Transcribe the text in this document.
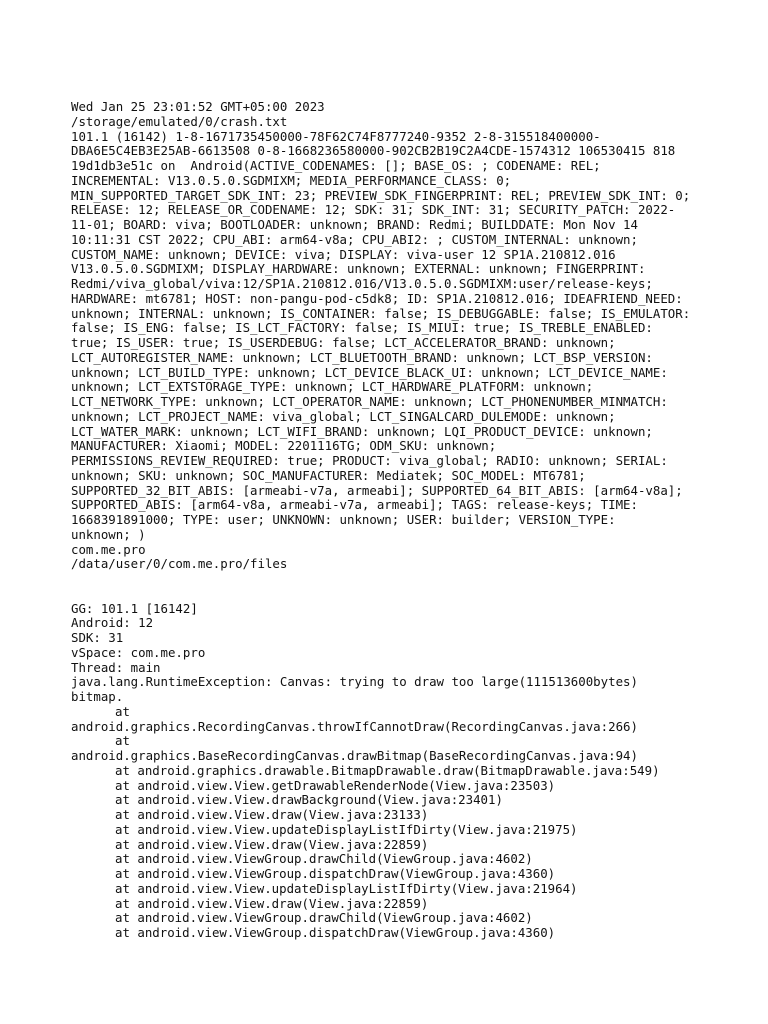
Wed Jan 25 23:01:52 GMT+05:00 2023
/storage/emulated/0/crash.txt
101.1 (16142) 1-8-1671735450000-78F62C74F8777240-9352 2-8-315518400000-
DBA6E5C4EB3E25AB-6613508 0-8-1668236580000-902CB2B19C2A4CDE-1574312 106530415 818
19d1db3e51c on  Android(ACTIVE_CODENAMES: []; BASE_OS: ; CODENAME: REL;
INCREMENTAL: V13.0.5.0.SGDMIXM; MEDIA_PERFORMANCE_CLASS: 0;
MIN_SUPPORTED_TARGET_SDK_INT: 23; PREVIEW_SDK_FINGERPRINT: REL; PREVIEW_SDK_INT: 0;
RELEASE: 12; RELEASE_OR_CODENAME: 12; SDK: 31; SDK_INT: 31; SECURITY_PATCH: 2022-
11-01; BOARD: viva; BOOTLOADER: unknown; BRAND: Redmi; BUILDDATE: Mon Nov 14
10:11:31 CST 2022; CPU_ABI: arm64-v8a; CPU_ABI2: ; CUSTOM_INTERNAL: unknown;
CUSTOM_NAME: unknown; DEVICE: viva; DISPLAY: viva-user 12 SP1A.210812.016
V13.0.5.0.SGDMIXM; DISPLAY_HARDWARE: unknown; EXTERNAL: unknown; FINGERPRINT:
Redmi/viva_global/viva:12/SP1A.210812.016/V13.0.5.0.SGDMIXM:user/release-keys;
HARDWARE: mt6781; HOST: non-pangu-pod-c5dk8; ID: SP1A.210812.016; IDEAFRIEND_NEED:
unknown; INTERNAL: unknown; IS_CONTAINER: false; IS_DEBUGGABLE: false; IS_EMULATOR:
false; IS_ENG: false; IS_LCT_FACTORY: false; IS_MIUI: true; IS_TREBLE_ENABLED:
true; IS_USER: true; IS_USERDEBUG: false; LCT_ACCELERATOR_BRAND: unknown;
LCT_AUTOREGISTER_NAME: unknown; LCT_BLUETOOTH_BRAND: unknown; LCT_BSP_VERSION:
unknown; LCT_BUILD_TYPE: unknown; LCT_DEVICE_BLACK_UI: unknown; LCT_DEVICE_NAME:
unknown; LCT_EXTSTORAGE_TYPE: unknown; LCT_HARDWARE_PLATFORM: unknown;
LCT_NETWORK_TYPE: unknown; LCT_OPERATOR_NAME: unknown; LCT_PHONENUMBER_MINMATCH:
unknown; LCT_PROJECT_NAME: viva_global; LCT_SINGALCARD_DULEMODE: unknown;
LCT_WATER_MARK: unknown; LCT_WIFI_BRAND: unknown; LQI_PRODUCT_DEVICE: unknown;
MANUFACTURER: Xiaomi; MODEL: 2201116TG; ODM_SKU: unknown;
PERMISSIONS_REVIEW_REQUIRED: true; PRODUCT: viva_global; RADIO: unknown; SERIAL:
unknown; SKU: unknown; SOC_MANUFACTURER: Mediatek; SOC_MODEL: MT6781;
SUPPORTED_32_BIT_ABIS: [armeabi-v7a, armeabi]; SUPPORTED_64_BIT_ABIS: [arm64-v8a];
SUPPORTED_ABIS: [arm64-v8a, armeabi-v7a, armeabi]; TAGS: release-keys; TIME:
1668391891000; TYPE: user; UNKNOWN: unknown; USER: builder; VERSION_TYPE:
unknown; )
com.me.pro
/data/user/0/com.me.pro/files
GG: 101.1 [16142]
Android: 12
SDK: 31
vSpace: com.me.pro
Thread: main
java.lang.RuntimeException: Canvas: trying to draw too large(111513600bytes)
bitmap.
at
android.graphics.RecordingCanvas.throwIfCannotDraw(RecordingCanvas.java:266)
at
android.graphics.BaseRecordingCanvas.drawBitmap(BaseRecordingCanvas.java:94)
at android.graphics.drawable.BitmapDrawable.draw(BitmapDrawable.java:549)
at android.view.View.getDrawableRenderNode(View.java:23503)
at android.view.View.drawBackground(View.java:23401)
at android.view.View.draw(View.java:23133)
at android.view.View.updateDisplayListIfDirty(View.java:21975)
at android.view.View.draw(View.java:22859)
at android.view.ViewGroup.drawChild(ViewGroup.java:4602)
at android.view.ViewGroup.dispatchDraw(ViewGroup.java:4360)
at android.view.View.updateDisplayListIfDirty(View.java:21964)
at android.view.View.draw(View.java:22859)
at android.view.ViewGroup.drawChild(ViewGroup.java:4602)
at android.view.ViewGroup.dispatchDraw(ViewGroup.java:4360)
